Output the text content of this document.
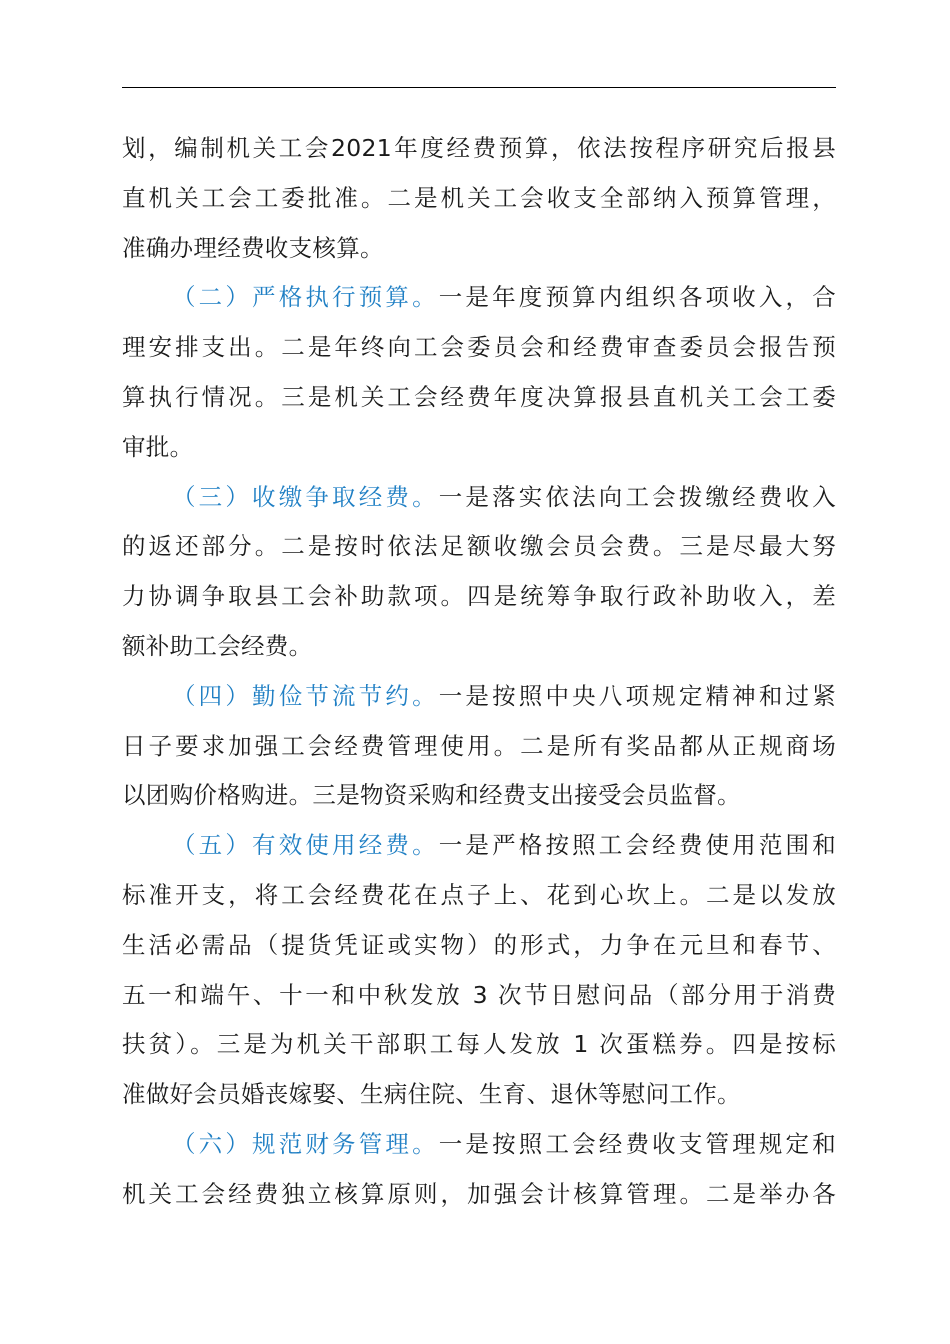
划，编制机关工会2021年度经费预算，依法按程序研究后报县
直机关工会工委批准。二是机关工会收支全部纳入预算管理，
准确办理经费收支核算。
（二）严格执行预算。一是年度预算内组织各项收入，合
理安排支出。二是年终向工会委员会和经费审查委员会报告预
算执行情况。三是机关工会经费年度决算报县直机关工会工委
审批。
（三）收缴争取经费。一是落实依法向工会拨缴经费收入
的返还部分。二是按时依法足额收缴会员会费。三是尽最大努
力协调争取县工会补助款项。四是统筹争取行政补助收入，差
额补助工会经费。
（四）勤俭节流节约。一是按照中央八项规定精神和过紧
日子要求加强工会经费管理使用。二是所有奖品都从正规商场
以团购价格购进。三是物资采购和经费支出接受会员监督。
（五）有效使用经费。一是严格按照工会经费使用范围和
标准开支，将工会经费花在点子上、花到心坎上。二是以发放
生活必需品（提货凭证或实物）的形式，力争在元旦和春节、
五一和端午、十一和中秋发放 3 次节日慰问品（部分用于消费
扶贫）。三是为机关干部职工每人发放 1 次蛋糕券。四是按标
准做好会员婚丧嫁娶、生病住院、生育、退休等慰问工作。
（六）规范财务管理。一是按照工会经费收支管理规定和
机关工会经费独立核算原则，加强会计核算管理。二是举办各
